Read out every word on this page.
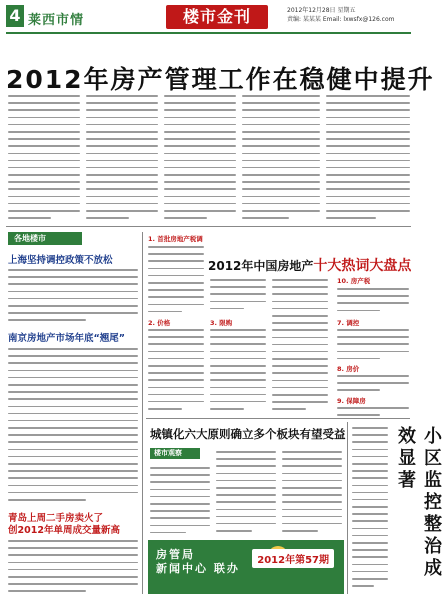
4 莱西市情	楼市金刊	2012年12月28日 星期五
责编: 某某某 Email: lxwsfx@126.com
2012年房产管理工作在稳健中提升
各地楼市
上海坚持调控政策不放松
南京房地产市场年底“翘尾”
青岛上周二手房卖火了
创2012年单周成交量新高
1. 首批房地产税调
2. 价格	3. 限购
2012年中国房地产十大热词大盘点
10. 房产税
7. 调控
8. 房价
9. 保障房
城镇化六大原则确立多个板块有望受益
楼市观察
房管局
新闻中心 联办
2012年第57期	小区监控整治成效显著
